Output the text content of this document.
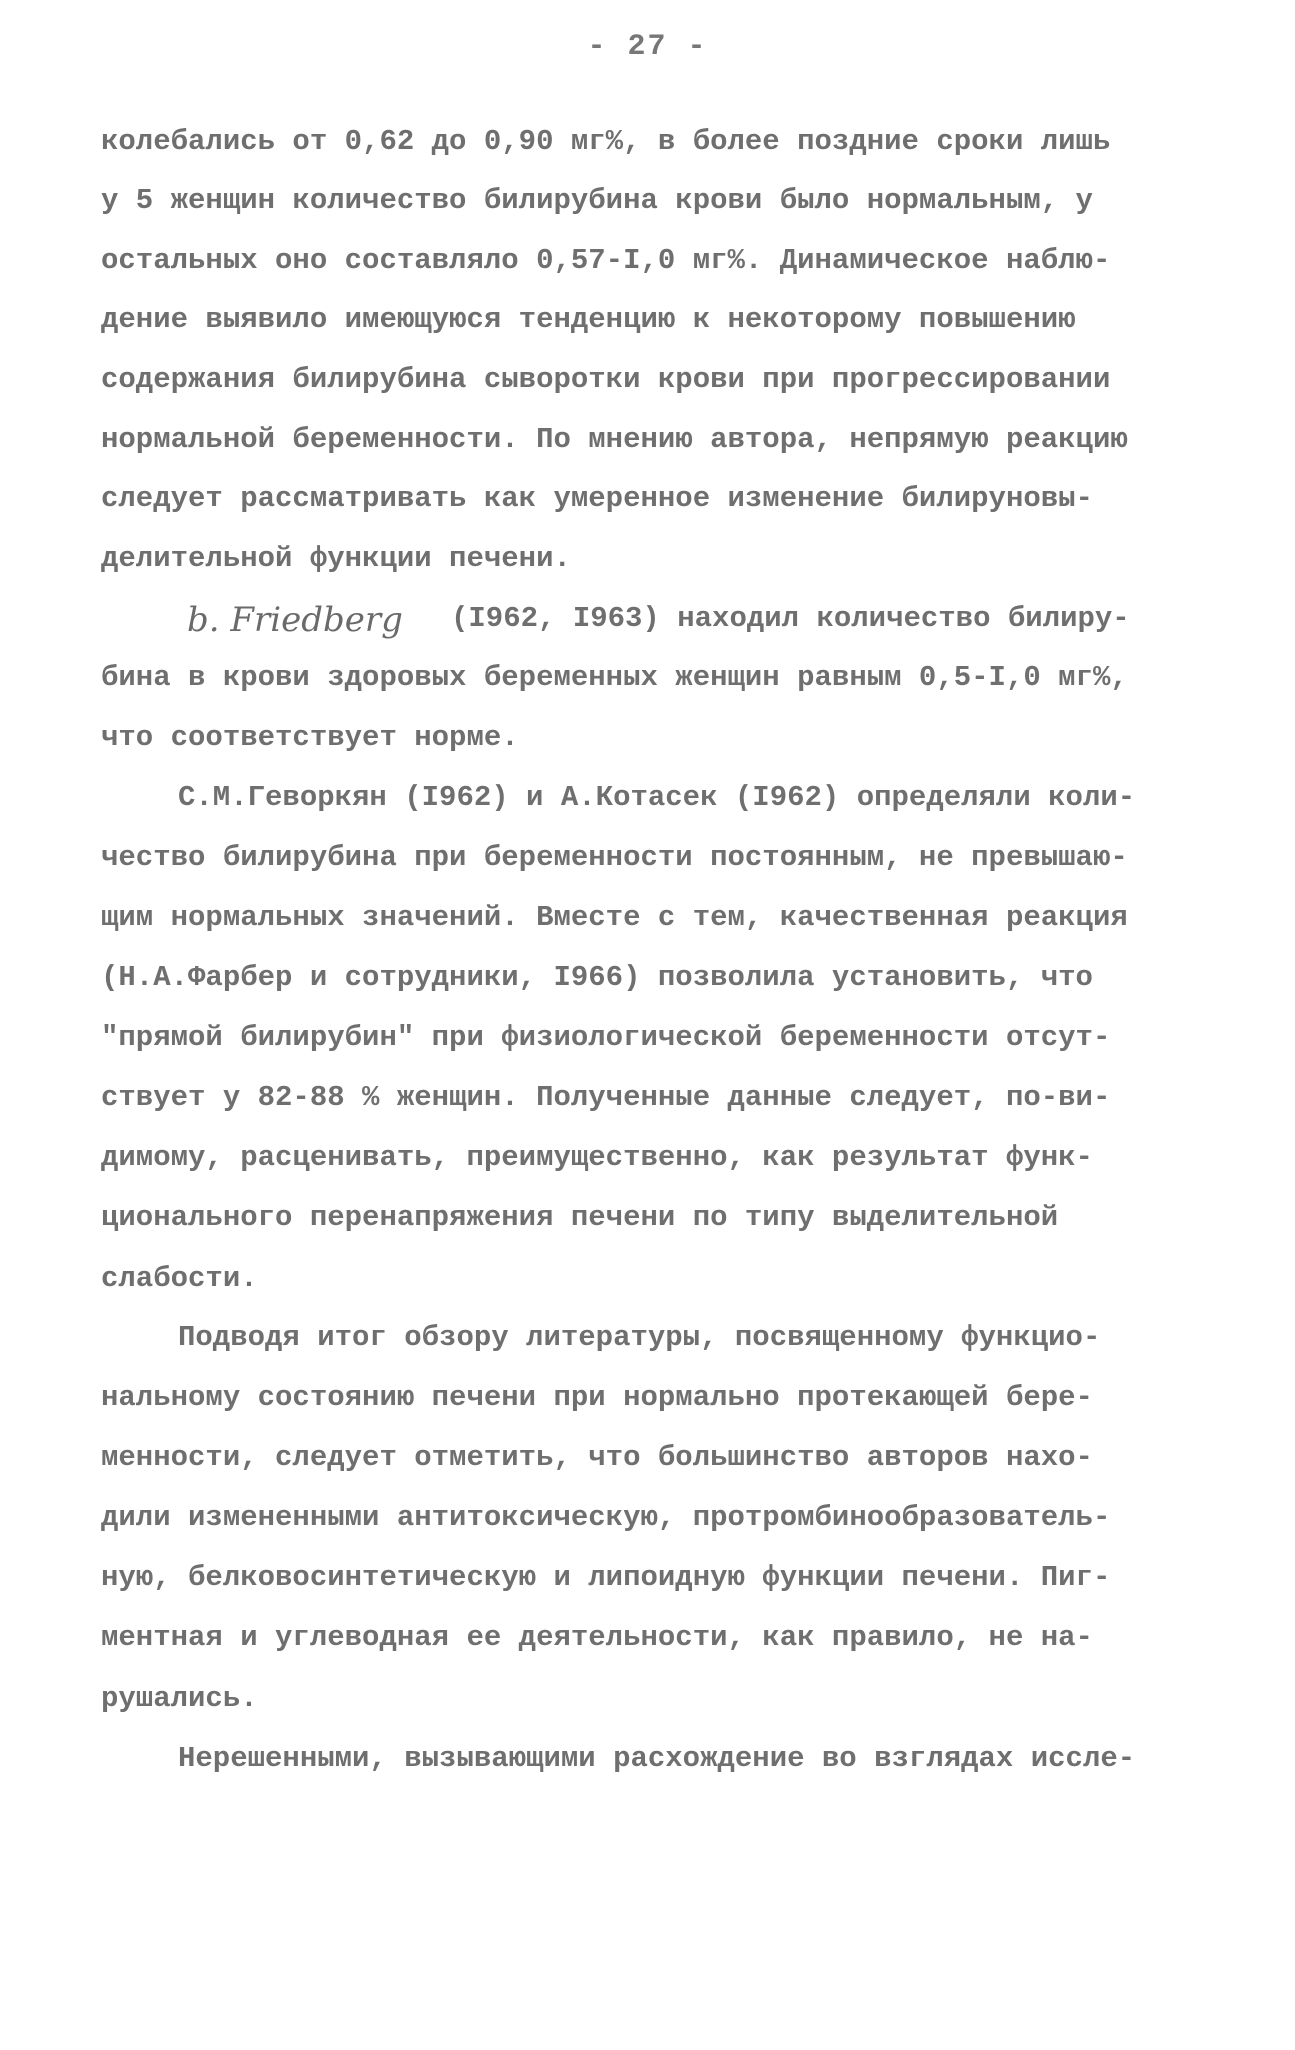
- 27 -
колебались от 0,62 до 0,90 мг%, в более поздние сроки лишь
у 5 женщин количество билирубина крови было нормальным, у
остальных оно составляло 0,57-I,0 мг%. Динамическое наблю-
дение выявило имеющуюся тенденцию к некоторому повышению
содержания билирубина сыворотки крови при прогрессировании
нормальной беременности. По мнению автора, непрямую реакцию
следует рассматривать как умеренное изменение билируновы-
делительной функции печени.
b. Friedberg (I962, I963) находил количество билиру-
бина в крови здоровых беременных женщин равным 0,5-I,0 мг%,
что соответствует норме.
С.М.Геворкян (I962) и А.Котасек (I962) определяли коли-
чество билирубина при беременности постоянным, не превышаю-
щим нормальных значений. Вместе с тем, качественная реакция
(Н.А.Фарбер и сотрудники, I966) позволила установить, что
"прямой билирубин" при физиологической беременности отсут-
ствует у 82-88 % женщин. Полученные данные следует, по-ви-
димому, расценивать, преимущественно, как результат функ-
ционального перенапряжения печени по типу выделительной
слабости.
Подводя итог обзору литературы, посвященному функцио-
нальному состоянию печени при нормально протекающей бере-
менности, следует отметить, что большинство авторов нахо-
дили измененными антитоксическую, протромбинообразователь-
ную, белковосинтетическую и липоидную функции печени. Пиг-
ментная и углеводная ее деятельности, как правило, не на-
рушались.
Нерешенными, вызывающими расхождение во взглядах иссле-
